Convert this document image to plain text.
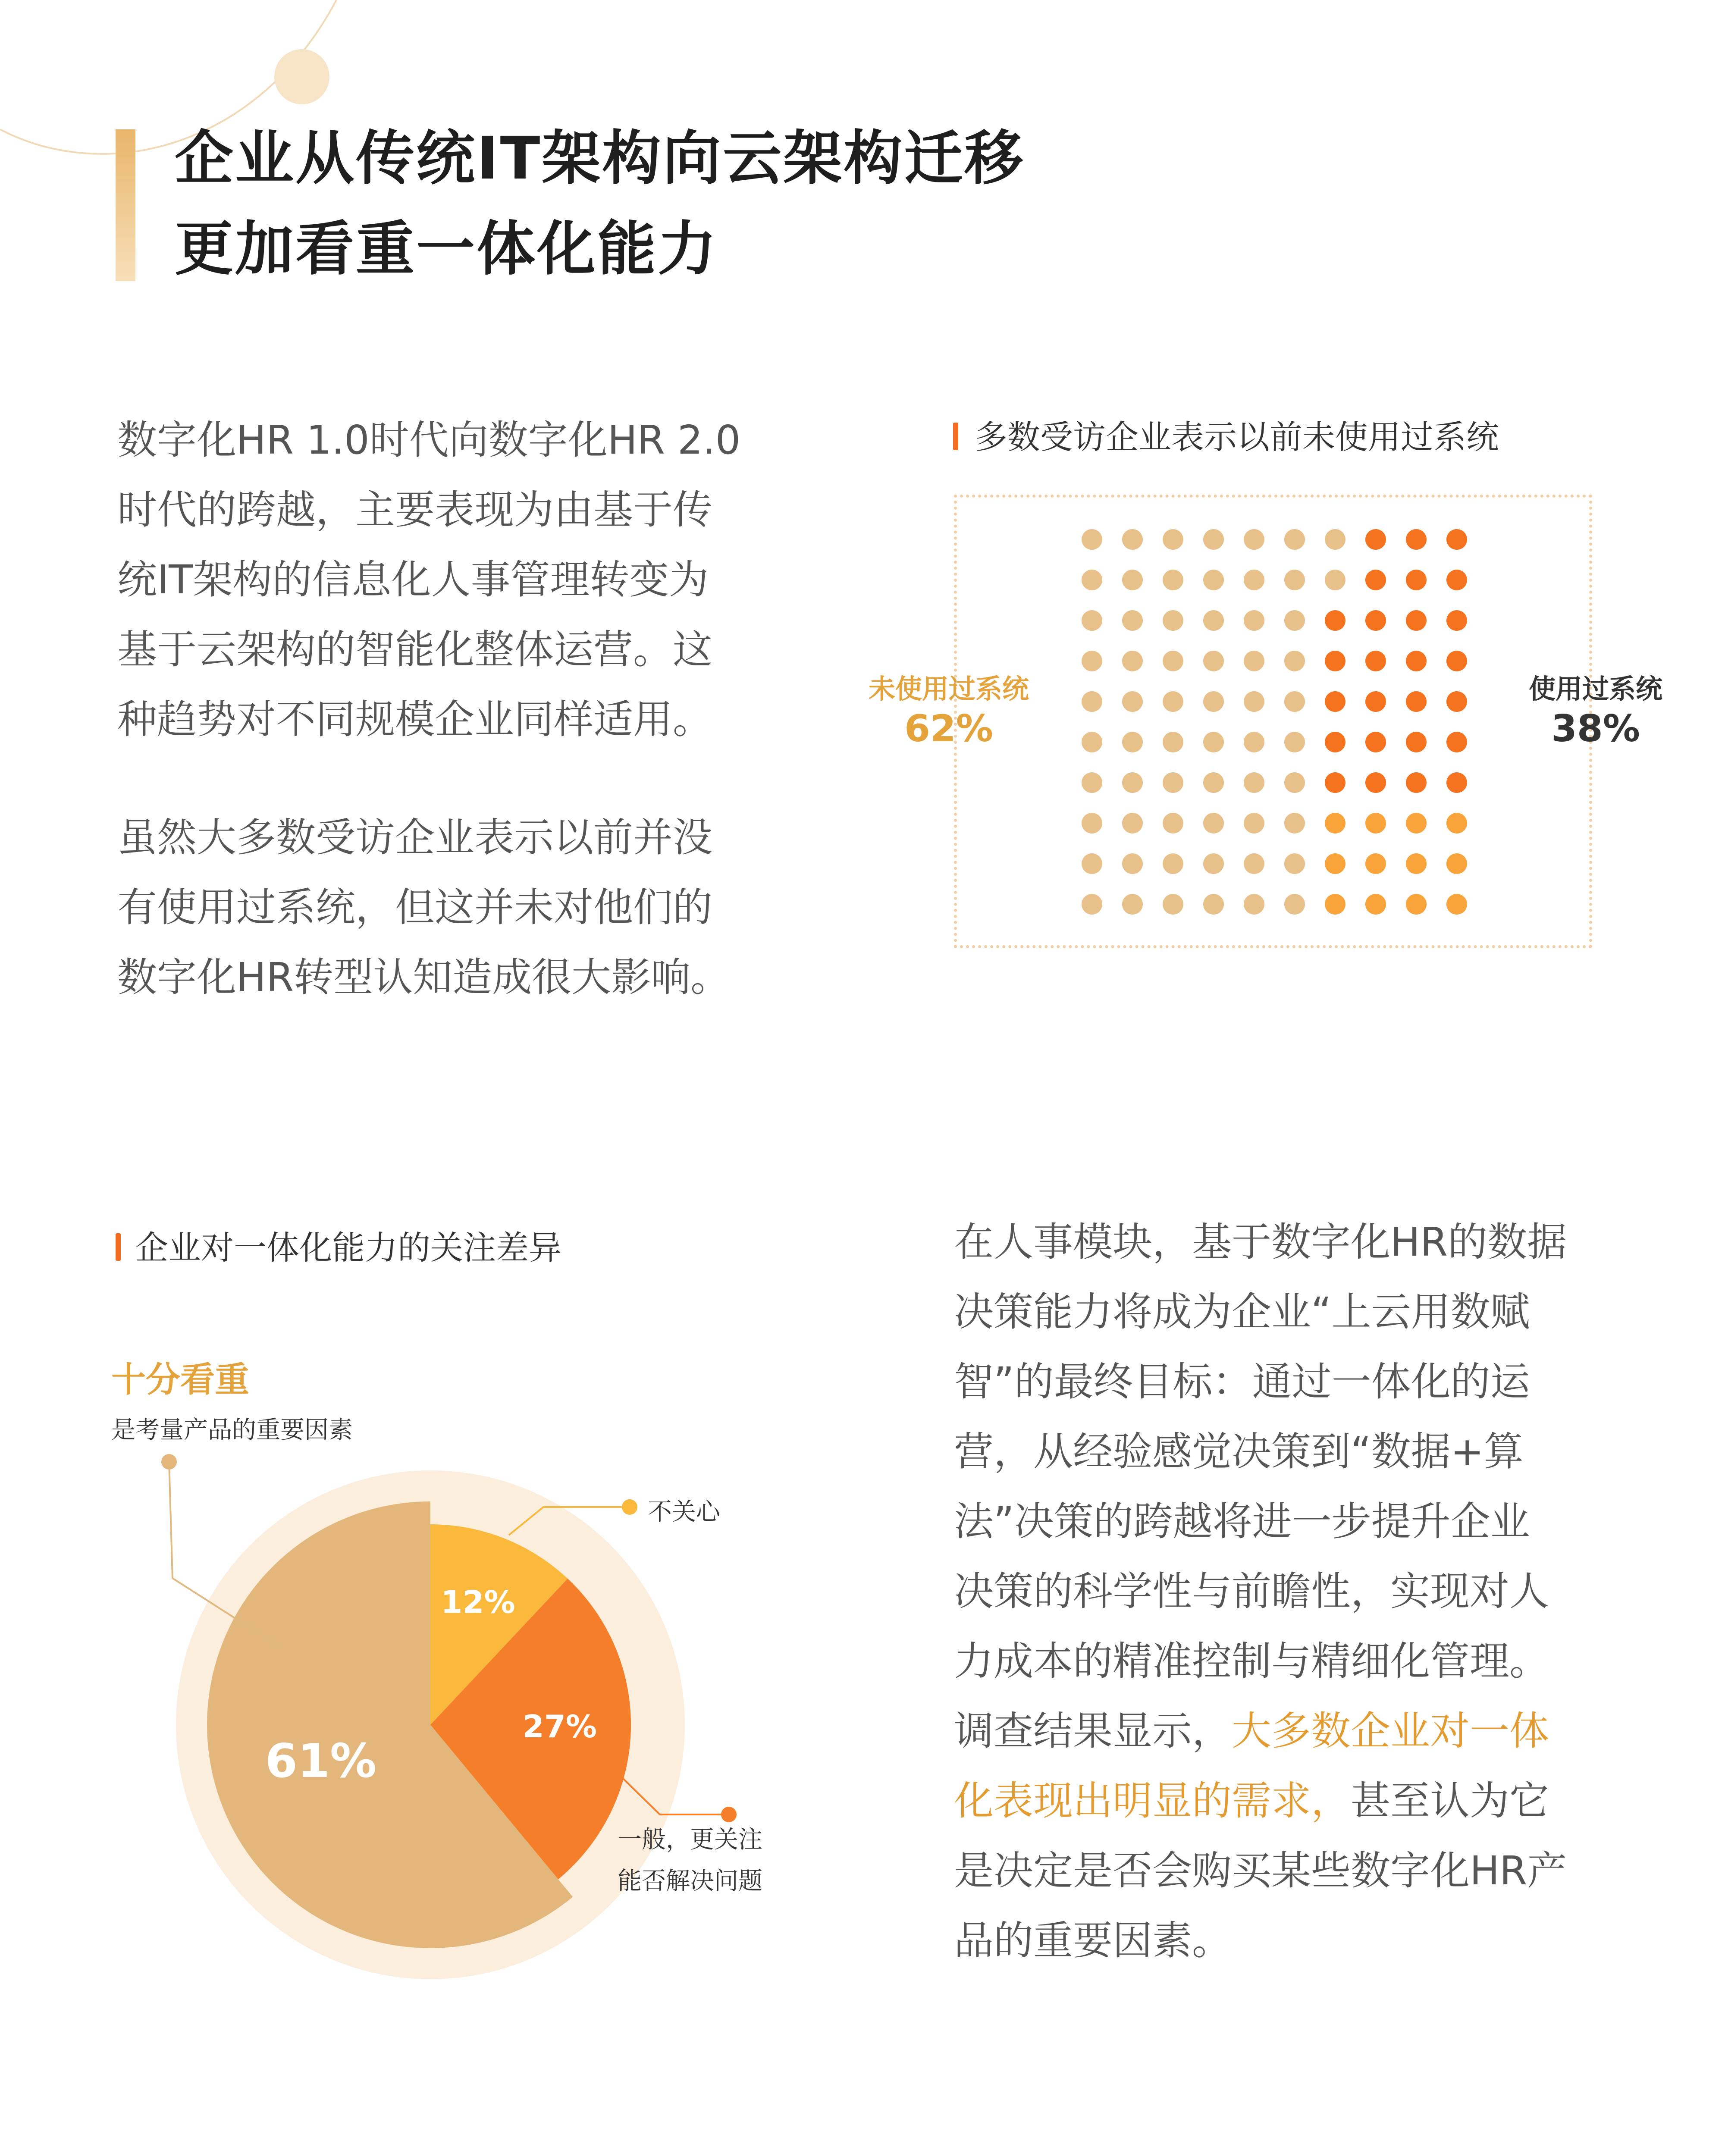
企业从传统IT架构向云架构迁移
更加看重一体化能力
数字化HR 1.0时代向数字化HR 2.0
时代的跨越，主要表现为由基于传
统IT架构的信息化人事管理转变为
基于云架构的智能化整体运营。这
种趋势对不同规模企业同样适用。
虽然大多数受访企业表示以前并没
有使用过系统，但这并未对他们的
数字化HR转型认知造成很大影响。
多数受访企业表示以前未使用过系统
未使用过系统
62%
使用过系统
38%
企业对一体化能力的关注差异
十分看重
是考量产品的重要因素
61%
12%
27%
不关心
一般，更关注
能否解决问题
在人事模块，基于数字化HR的数据
决策能力将成为企业“上云用数赋
智”的最终目标：通过一体化的运
营，从经验感觉决策到“数据+算
法”决策的跨越将进一步提升企业
决策的科学性与前瞻性，实现对人
力成本的精准控制与精细化管理。
调查结果显示，大多数企业对一体
化表现出明显的需求，甚至认为它
是决定是否会购买某些数字化HR产
品的重要因素。
